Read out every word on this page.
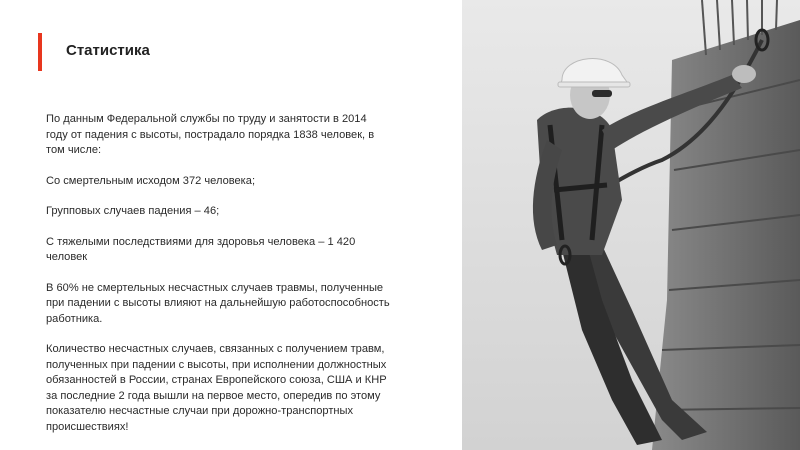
Статистика

По данным Федеральной службы по труду и занятости в 2014 году от падения с высоты, пострадало порядка 1838 человек, в том числе:

Со смертельным исходом 372 человека;

Групповых случаев падения – 46;

С тяжелыми последствиями для здоровья человека – 1 420 человек

В 60% не смертельных несчастных случаев травмы, полученные при падении с высоты влияют на дальнейшую работоспособность работника.

Количество несчастных случаев, связанных с получением травм, полученных при падении с высоты, при исполнении должностных обязанностей в России, странах Европейского союза, США и КНР за последние 2 года вышли на первое место, опередив по этому показателю несчастные случаи при дорожно-транспортных происшествиях!
